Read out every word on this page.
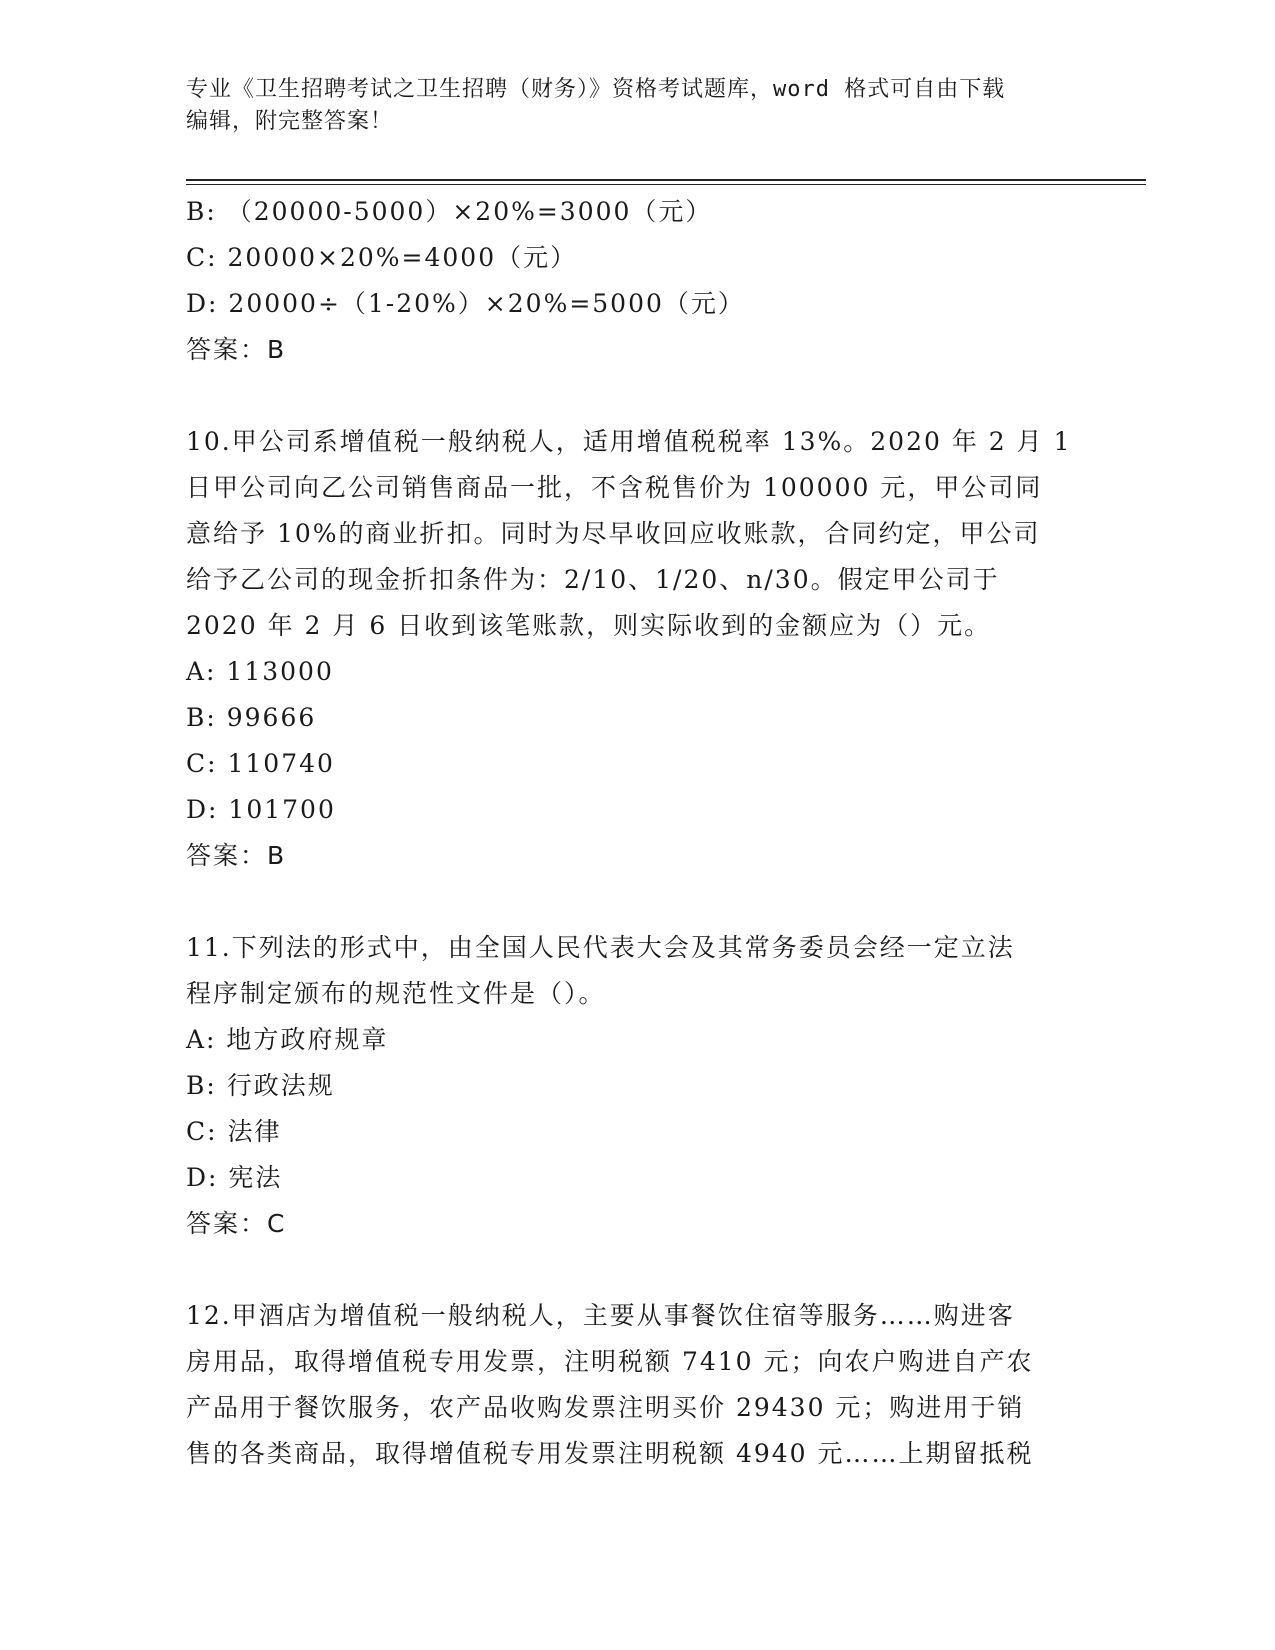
专业《卫生招聘考试之卫生招聘（财务）》资格考试题库，word 格式可自由下载
编辑，附完整答案！
B: （20000-5000）×20%=3000（元）
C: 20000×20%=4000（元）
D: 20000÷（1-20%）×20%=5000（元）
答案：B
10.甲公司系增值税一般纳税人，适用增值税税率 13%。2020 年 2 月 1
日甲公司向乙公司销售商品一批，不含税售价为 100000 元，甲公司同
意给予 10%的商业折扣。同时为尽早收回应收账款，合同约定，甲公司
给予乙公司的现金折扣条件为：2/10、1/20、n/30。假定甲公司于
2020 年 2 月 6 日收到该笔账款，则实际收到的金额应为（）元。
A: 113000
B: 99666
C: 110740
D: 101700
答案：B
11.下列法的形式中，由全国人民代表大会及其常务委员会经一定立法
程序制定颁布的规范性文件是（）。
A: 地方政府规章
B: 行政法规
C: 法律
D: 宪法
答案：C
12.甲酒店为增值税一般纳税人，主要从事餐饮住宿等服务……购进客
房用品，取得增值税专用发票，注明税额 7410 元；向农户购进自产农
产品用于餐饮服务，农产品收购发票注明买价 29430 元；购进用于销
售的各类商品，取得增值税专用发票注明税额 4940 元……上期留抵税
